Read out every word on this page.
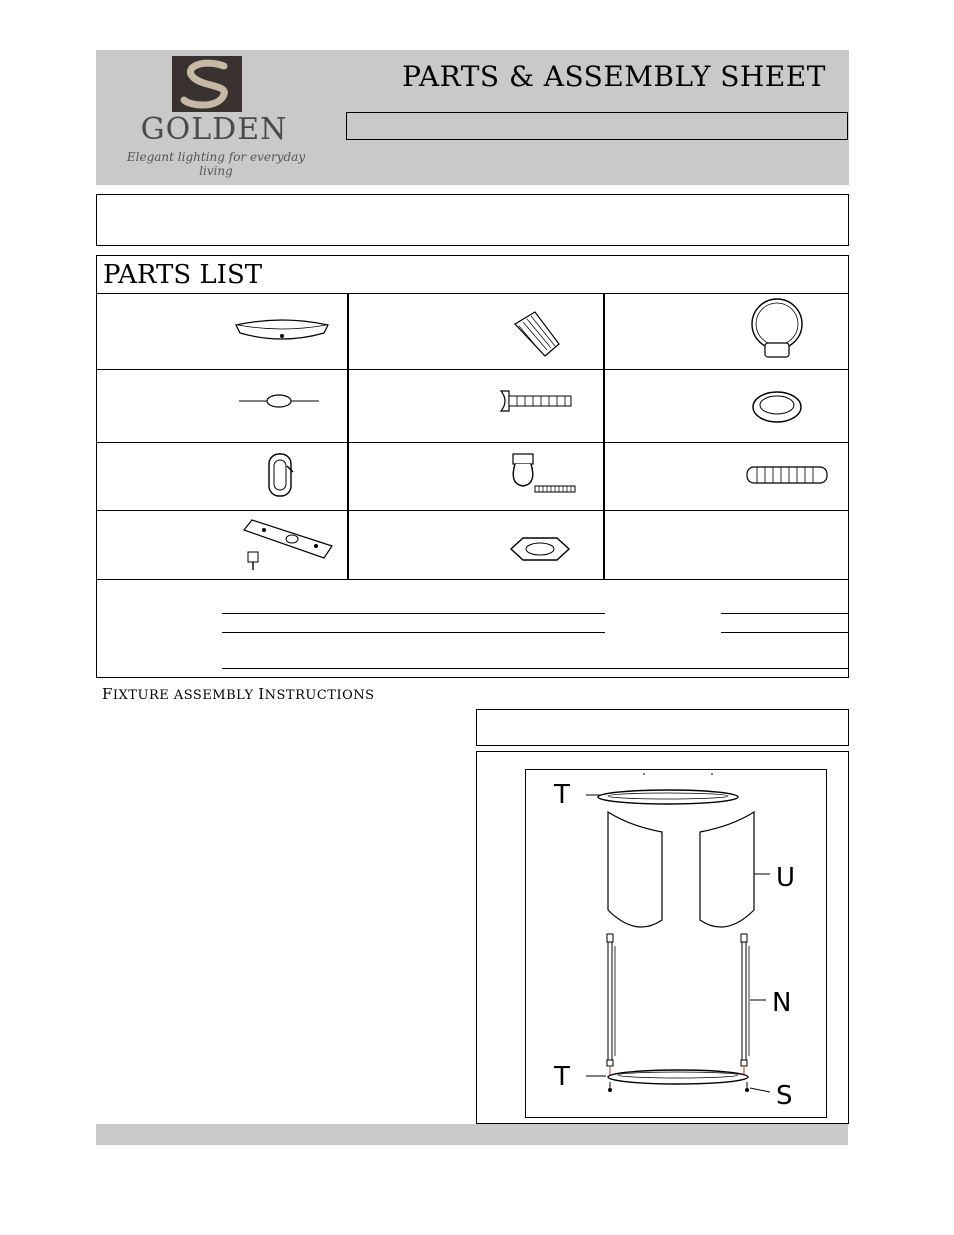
GOLDEN
Elegant lighting for everyday living
PARTS & ASSEMBLY SHEET
PARTS LIST
FIXTURE ASSEMBLY INSTRUCTIONS
T
U
N
T
S
